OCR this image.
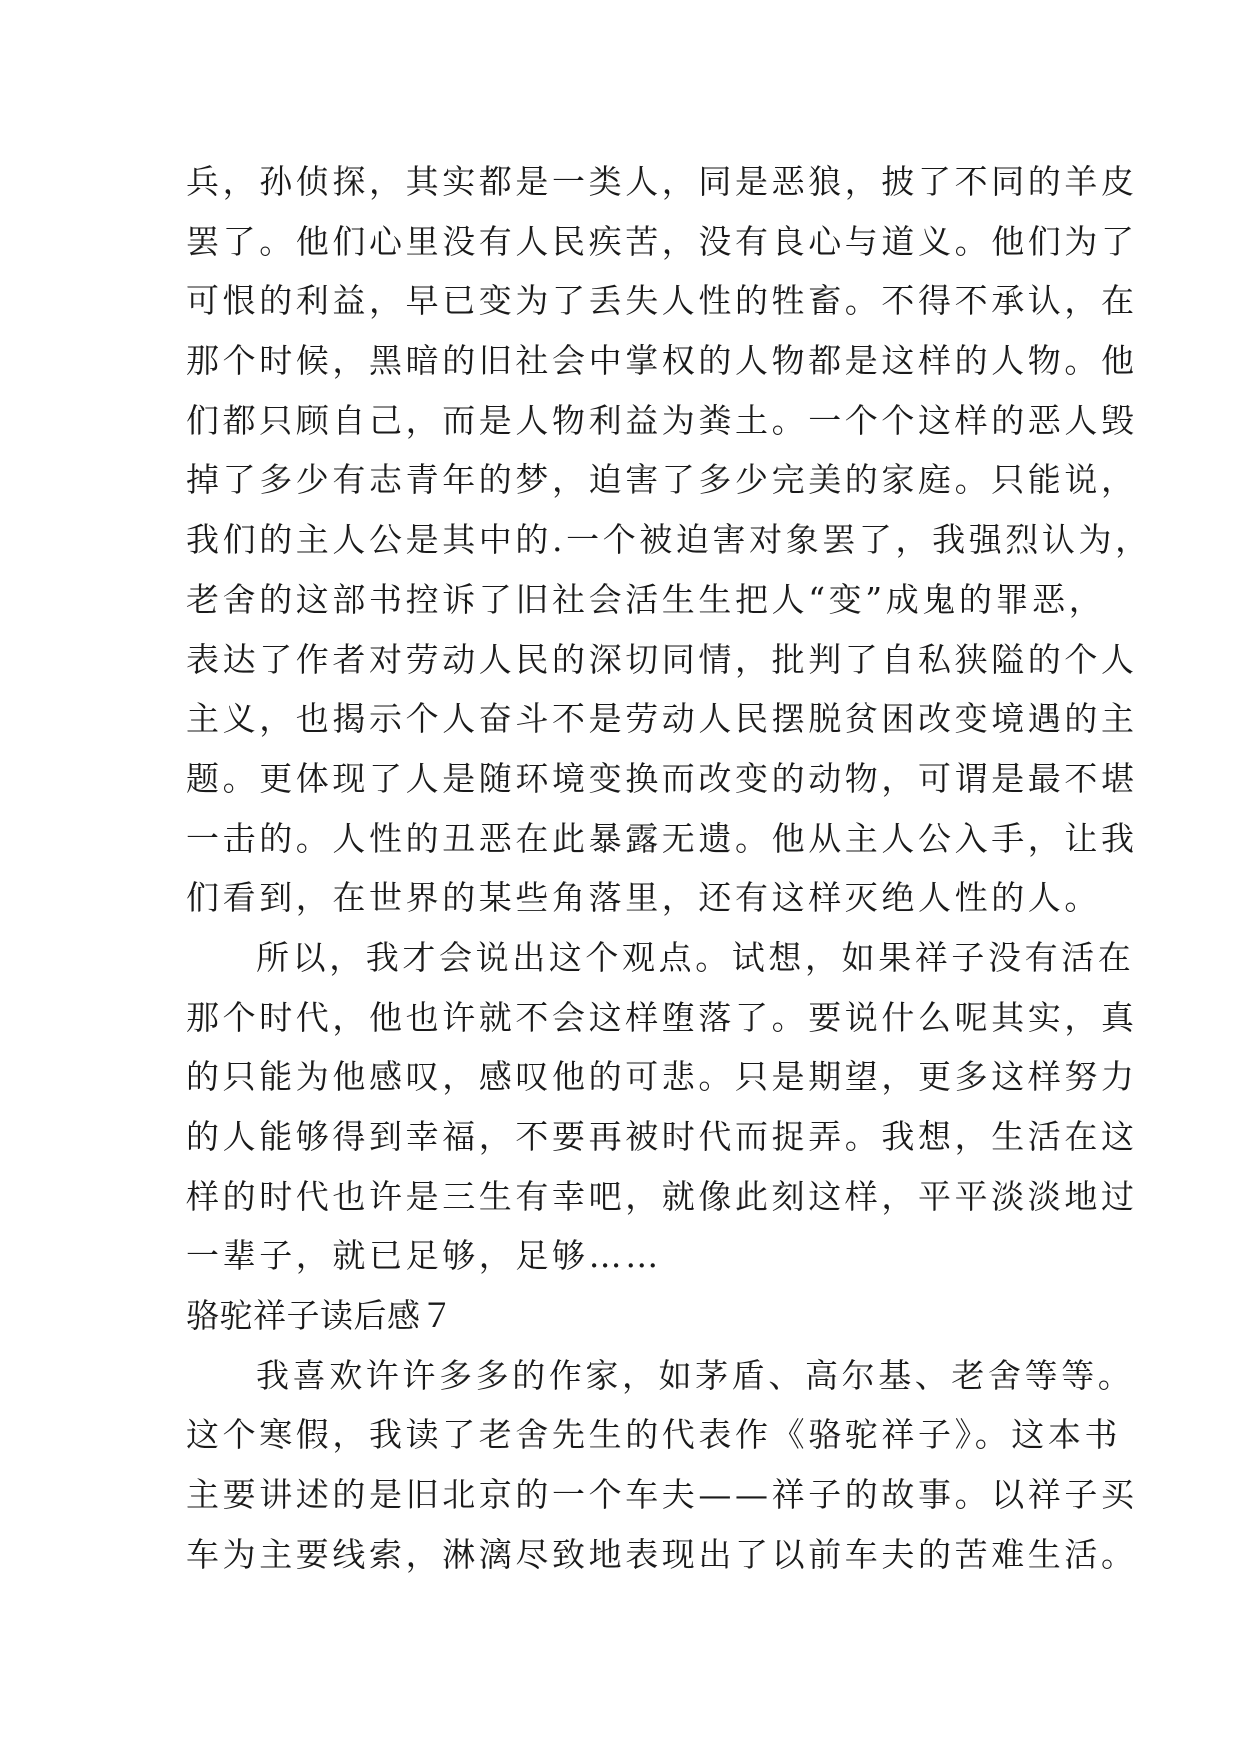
兵，孙侦探，其实都是一类人，同是恶狼，披了不同的羊皮
罢了。他们心里没有人民疾苦，没有良心与道义。他们为了
可恨的利益，早已变为了丢失人性的牲畜。不得不承认，在
那个时候，黑暗的旧社会中掌权的人物都是这样的人物。他
们都只顾自己，而是人物利益为粪土。一个个这样的恶人毁
掉了多少有志青年的梦，迫害了多少完美的家庭。只能说，
我们的主人公是其中的.一个被迫害对象罢了，我强烈认为，
老舍的这部书控诉了旧社会活生生把人“变”成鬼的罪恶，
表达了作者对劳动人民的深切同情，批判了自私狭隘的个人
主义，也揭示个人奋斗不是劳动人民摆脱贫困改变境遇的主
题。更体现了人是随环境变换而改变的动物，可谓是最不堪
一击的。人性的丑恶在此暴露无遗。他从主人公入手，让我
们看到，在世界的某些角落里，还有这样灭绝人性的人。
所以，我才会说出这个观点。试想，如果祥子没有活在
那个时代，他也许就不会这样堕落了。要说什么呢其实，真
的只能为他感叹，感叹他的可悲。只是期望，更多这样努力
的人能够得到幸福，不要再被时代而捉弄。我想，生活在这
样的时代也许是三生有幸吧，就像此刻这样，平平淡淡地过
一辈子，就已足够，足够……
骆驼祥子读后感７
我喜欢许许多多的作家，如茅盾、高尔基、老舍等等。
这个寒假，我读了老舍先生的代表作《骆驼祥子》。这本书
主要讲述的是旧北京的一个车夫——祥子的故事。以祥子买
车为主要线索，淋漓尽致地表现出了以前车夫的苦难生活。
